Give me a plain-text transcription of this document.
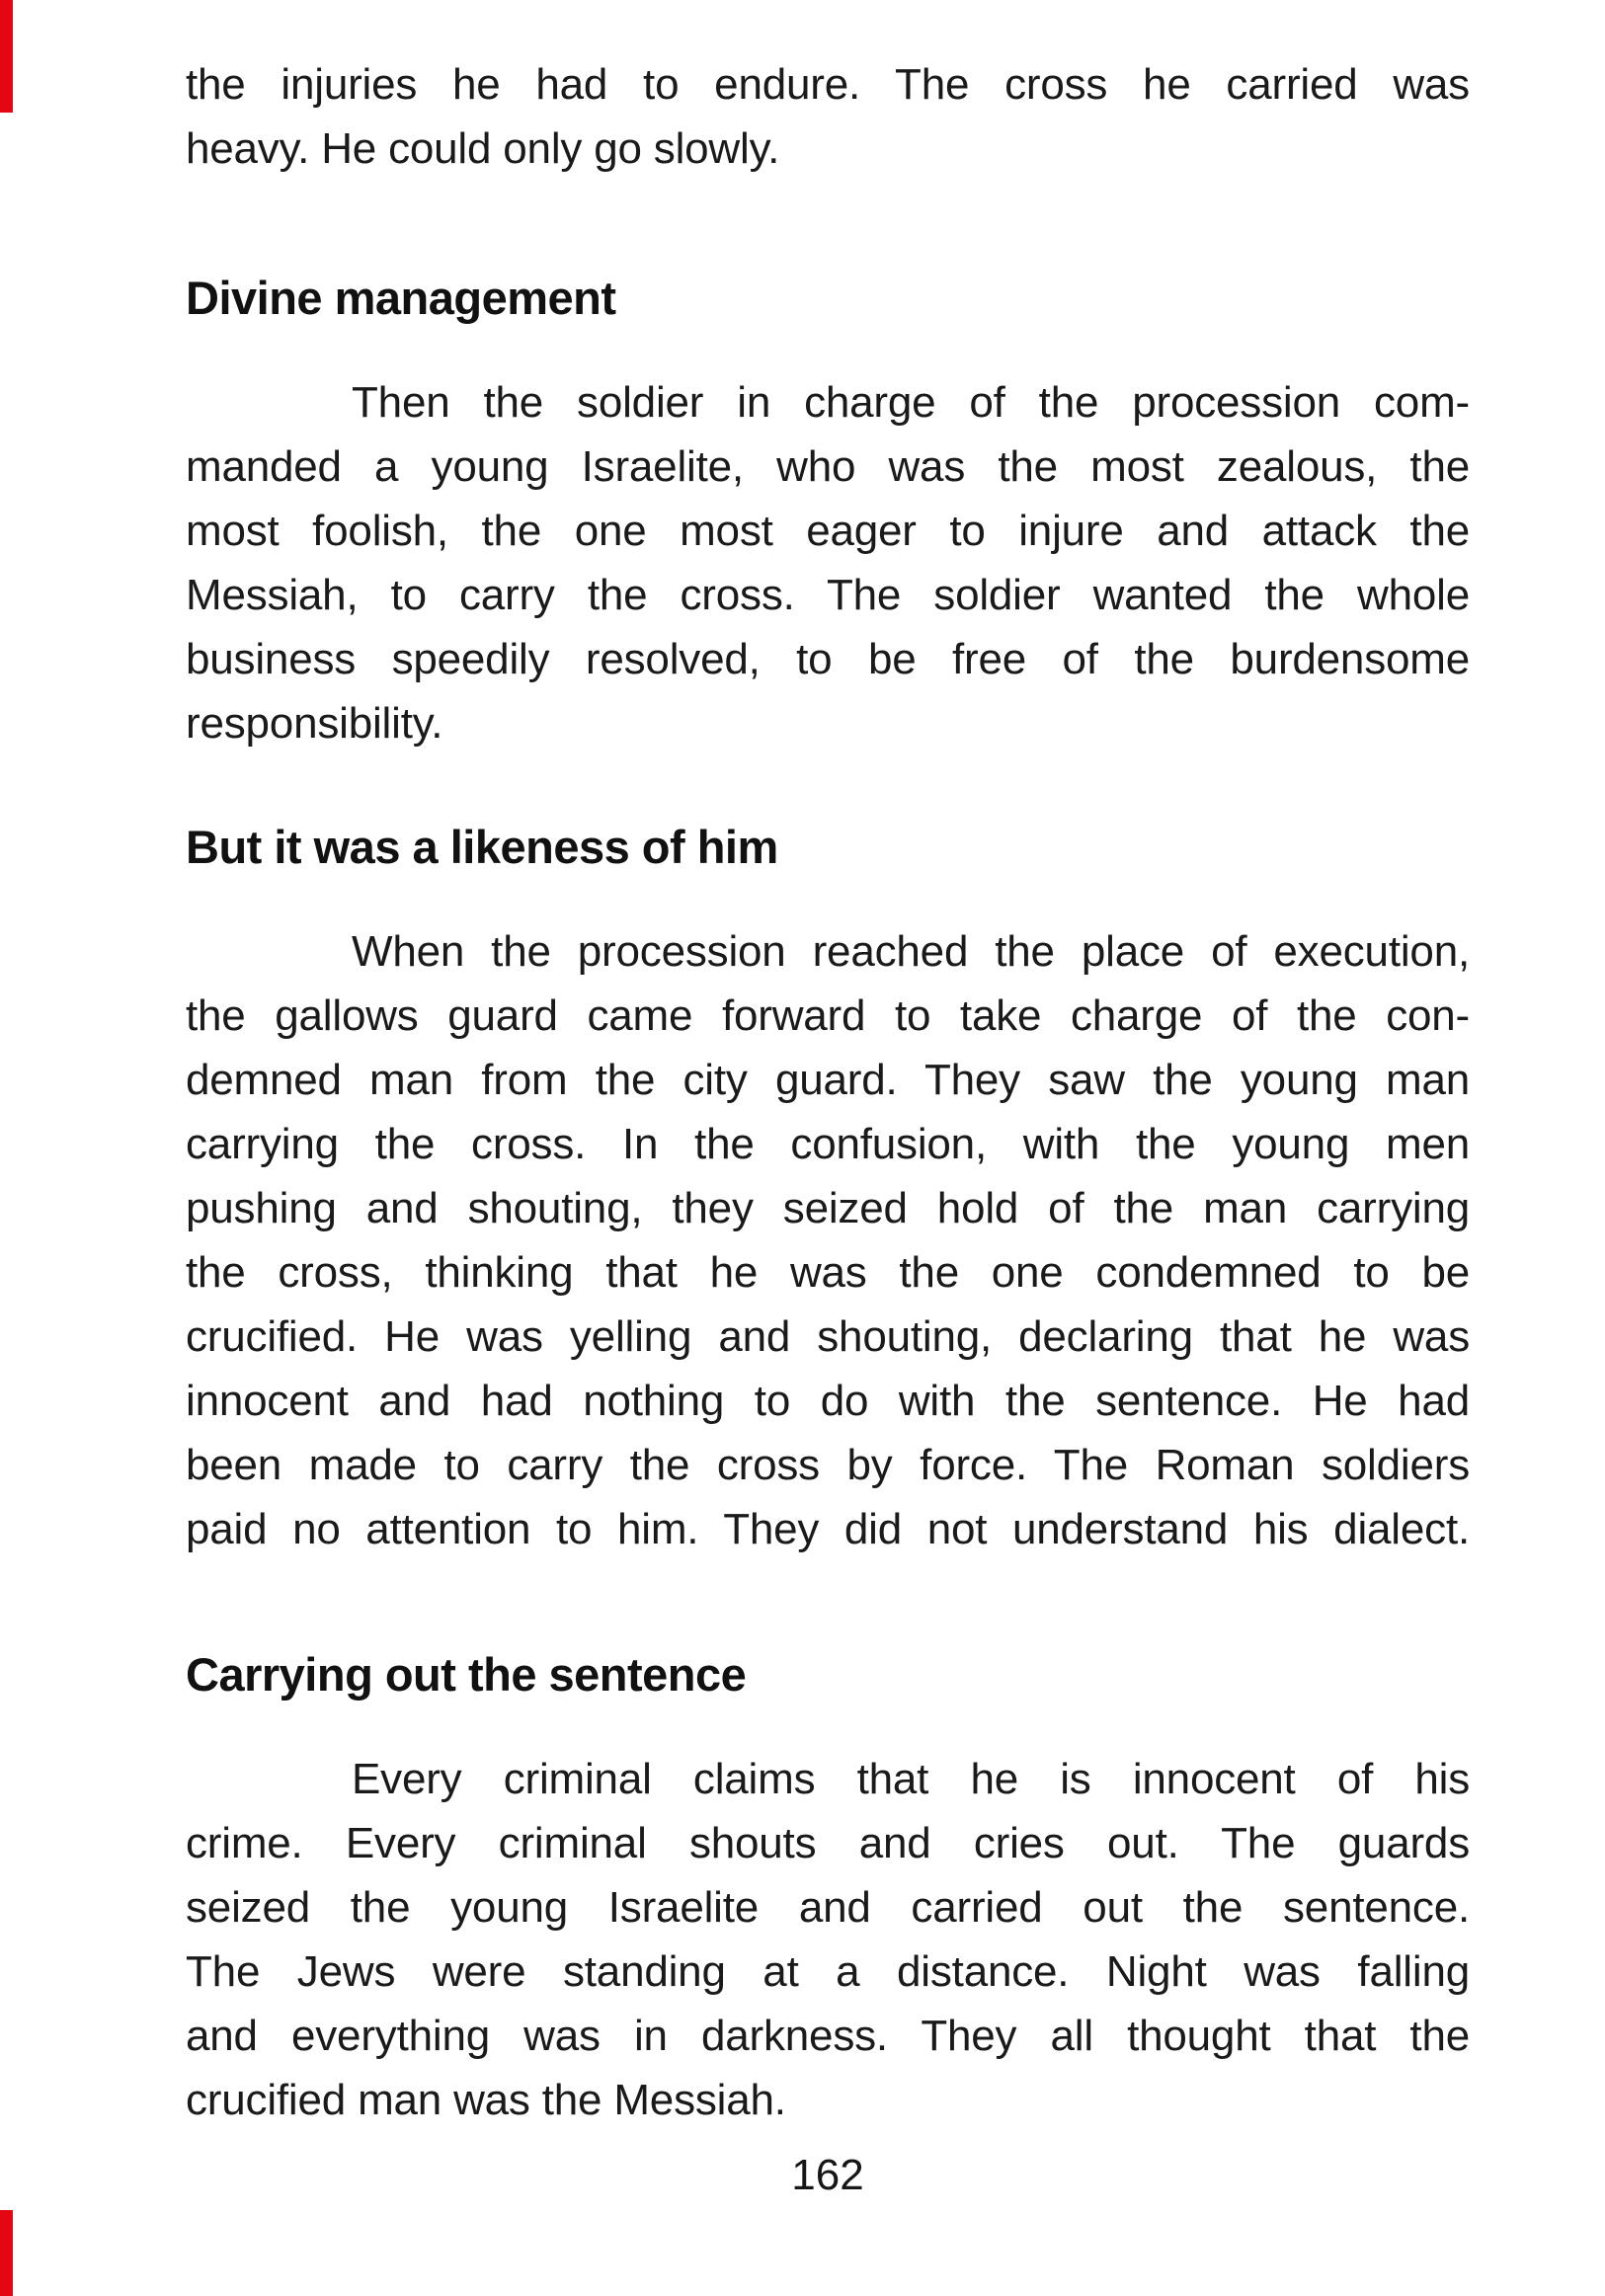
the injuries he had to endure. The cross he carried was
heavy. He could only go slowly.
Divine management
Then the soldier in charge of the procession com-
manded a young Israelite, who was the most zealous, the
most foolish, the one most eager to injure and attack the
Messiah, to carry the cross. The soldier wanted the whole
business speedily resolved, to be free of the burdensome
responsibility.
But it was a likeness of him
When the procession reached the place of execution,
the gallows guard came forward to take charge of the con-
demned man from the city guard. They saw the young man
carrying the cross. In the confusion, with the young men
pushing and shouting, they seized hold of the man carrying
the cross, thinking that he was the one condemned to be
crucified. He was yelling and shouting, declaring that he was
innocent and had nothing to do with the sentence. He had
been made to carry the cross by force. The Roman soldiers
paid no attention to him. They did not understand his dialect.
Carrying out the sentence
Every criminal claims that he is innocent of his
crime. Every criminal shouts and cries out. The guards
seized the young Israelite and carried out the sentence.
The Jews were standing at a distance. Night was falling
and everything was in darkness. They all thought that the
crucified man was the Messiah.
162
